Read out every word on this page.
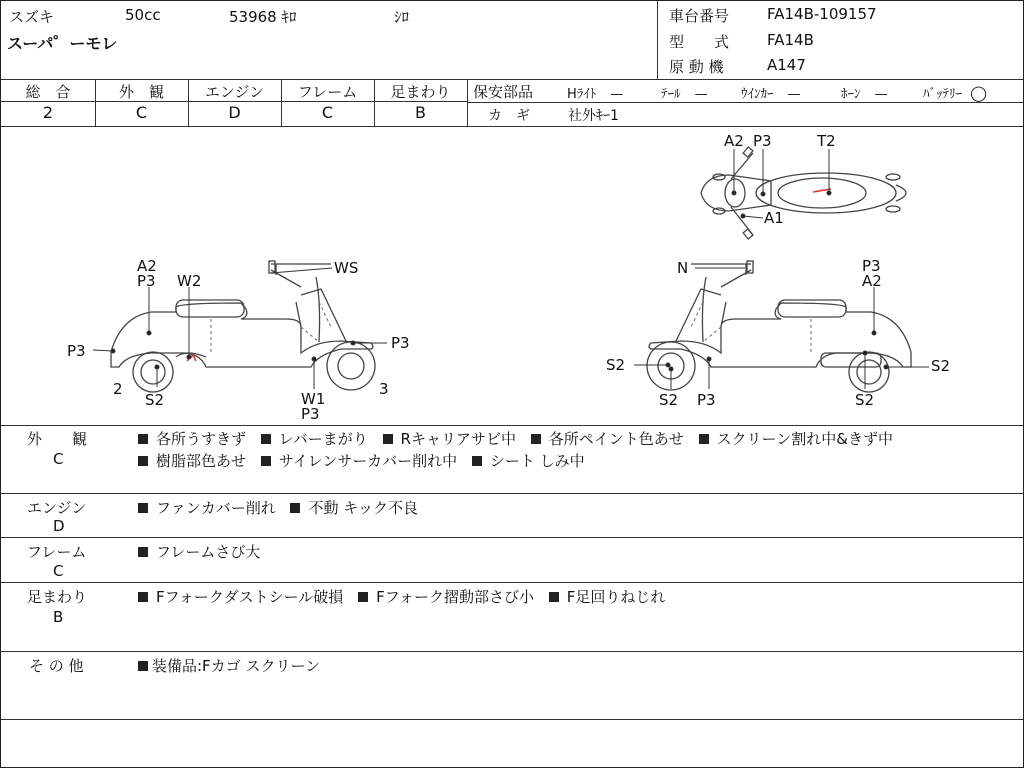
スズキ	50cc	53968 ｷﾛ	ｼﾛ
スーパ゜ーモレ
車台番号	FA14B-109157
型　　式	FA14B
原 動 機	A147
総　合
2
外　観
C
エンジン
D
フレーム
C
足まわり
B
保安部品	Hﾗｲﾄ —	ﾃｰﾙ —	ｳｲﾝｶｰ —	ﾎｰﾝ —	ﾊﾞｯﾃﾘｰ ◯
カ　ギ	社外ｷｰ1
A2 P3	T2
A1
A2
P3 W2
WS
P3
P3
2
S2	W1
P3
3
N	P3
A2
S2
S2 P3	S2
S2
外　　観
C
各所うすきず レバーまがり Rキャリアサビ中 各所ペイント色あせ スクリーン割れ中&きず中
樹脂部色あせ サイレンサーカバー削れ中 シート しみ中
エンジン
D
ファンカバー削れ 不動 キック不良
フレーム
C
フレームさび大
足まわり
B
Fフォークダストシール破損 Fフォーク摺動部さび小 F足回りねじれ
そ の 他	装備品:Fカゴ スクリーン
